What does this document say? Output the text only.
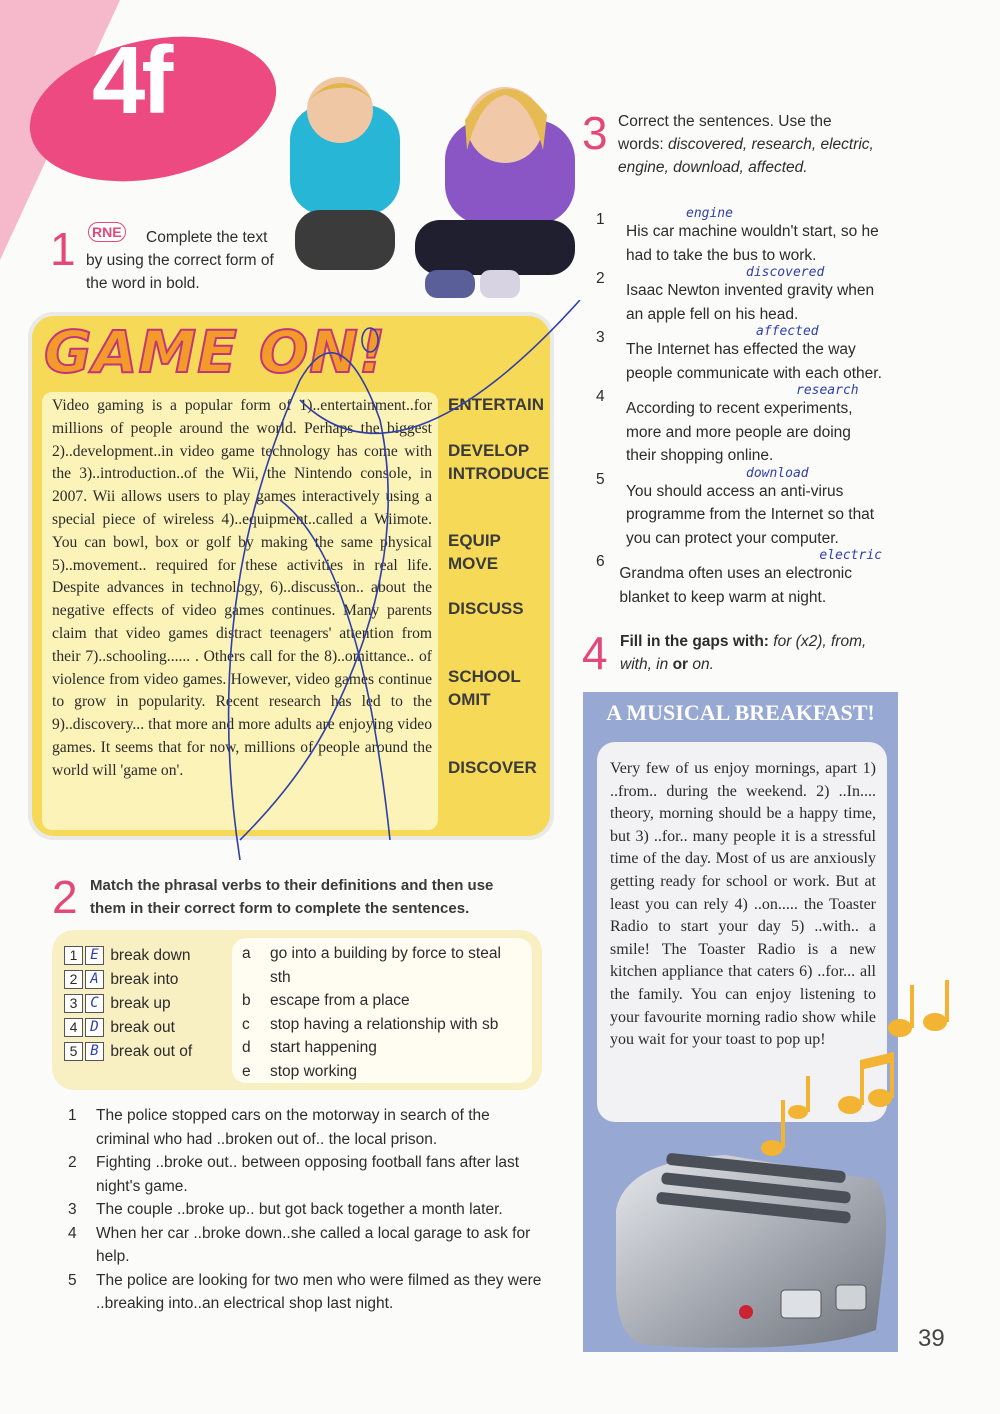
4f
1 RNE	Complete the text by using the correct form of the word in bold.
GAME ON!
Video gaming is a popular form of 1)..entertainment..for millions of people around the world. Perhaps the biggest 2)..development..in video game technology has come with the 3)..introduction..of the Wii, the Nintendo console, in 2007. Wii allows users to play games interactively using a special piece of wireless 4)..equipment..called a Wiimote. You can bowl, box or golf by making the same physical 5)..movement.. required for these activities in real life. Despite advances in technology, 6)..discussion.. about the negative effects of video games continues. Many parents claim that video games distract teenagers' attention from their 7)..schooling...... . Others call for the 8)..omittance.. of violence from video games. However, video games continue to grow in popularity. Recent research has led to the 9)..discovery... that more and more adults are enjoying video games. It seems that for now, millions of people around the world will 'game on'.
ENTERTAIN
DEVELOP
INTRODUCE
EQUIP
MOVE
DISCUSS
SCHOOL
OMIT
DISCOVER
2 Match the phrasal verbs to their definitions and then use them in their correct form to complete the sentences.
1 E break down
2 A break into
3 C break up
4 D break out
5 B break out of
a	go into a building by force to steal sth
b	escape from a place
c	stop having a relationship with sb
d	start happening
e	stop working
1	The police stopped cars on the motorway in search of the criminal who had ..broken out of.. the local prison.
2	Fighting ..broke out.. between opposing football fans after last night's game.
3	The couple ..broke up.. but got back together a month later.
4	When her car ..broke down..she called a local garage to ask for help.
5	The police are looking for two men who were filmed as they were ..breaking into..an electrical shop last night.
3 Correct the sentences. Use the words: discovered, research, electric, engine, download, affected.
1	engine
His car machine wouldn't start, so he had to take the bus to work.
2	discovered
Isaac Newton invented gravity when an apple fell on his head.
3	affected
The Internet has effected the way people communicate with each other.
4	research
According to recent experiments, more and more people are doing their shopping online.
5	download
You should access an anti-virus programme from the Internet so that you can protect your computer.
6	electric
Grandma often uses an electronic blanket to keep warm at night.
4 Fill in the gaps with: for (x2), from, with, in or on.
A MUSICAL BREAKFAST!
Very few of us enjoy mornings, apart 1) ..from.. during the weekend. 2) ..In.... theory, morning should be a happy time, but 3) ..for.. many people it is a stressful time of the day. Most of us are anxiously getting ready for school or work. But at least you can rely 4) ..on..... the Toaster Radio to start your day 5) ..with.. a smile! The Toaster Radio is a new kitchen appliance that caters 6) ..for... all the family. You can enjoy listening to your favourite morning radio show while you wait for your toast to pop up!
39
